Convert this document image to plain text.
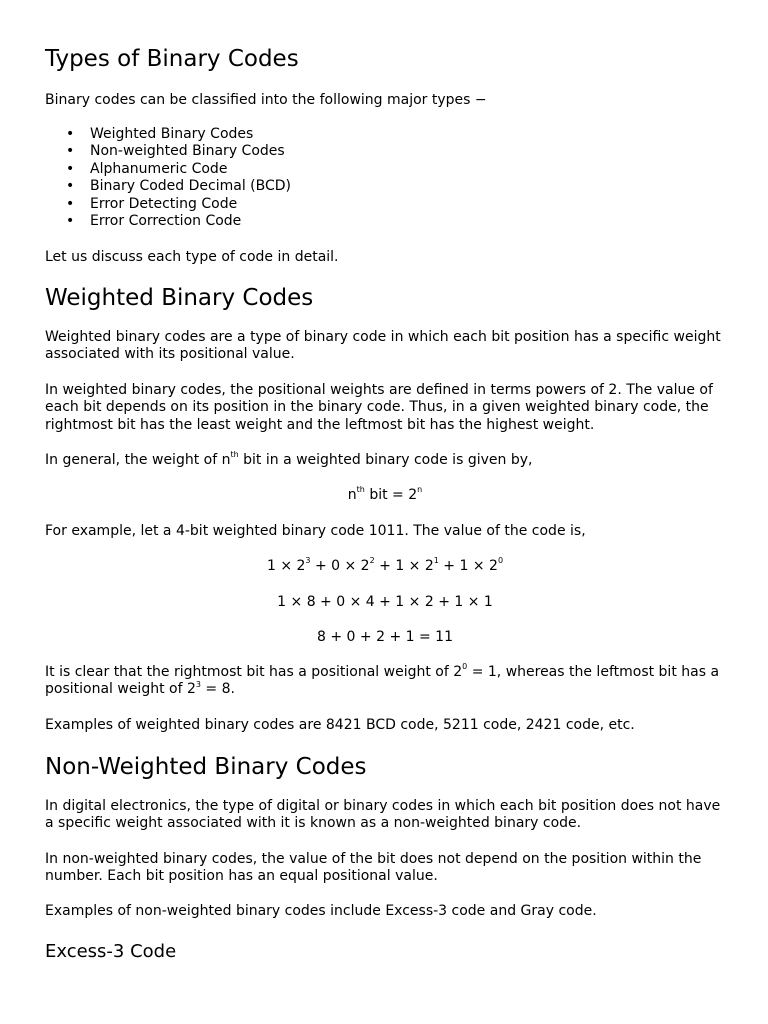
Types of Binary Codes

Binary codes can be classified into the following major types −

• Weighted Binary Codes
• Non-weighted Binary Codes
• Alphanumeric Code
• Binary Coded Decimal (BCD)
• Error Detecting Code
• Error Correction Code

Let us discuss each type of code in detail.

Weighted Binary Codes

Weighted binary codes are a type of binary code in which each bit position has a specific weight associated with its positional value.

In weighted binary codes, the positional weights are defined in terms powers of 2. The value of each bit depends on its position in the binary code. Thus, in a given weighted binary code, the rightmost bit has the least weight and the leftmost bit has the highest weight.

In general, the weight of $n^{th}$ bit in a weighted binary code is given by,

$n^{th}$ bit = $2^n$

For example, let a 4-bit weighted binary code 1011. The value of the code is,

$1 \times 2^3 + 0 \times 2^2 + 1 \times 2^1 + 1 \times 2^0$

1 × 8 + 0 × 4 + 1 × 2 + 1 × 1

8 + 0 + 2 + 1 = 11

It is clear that the rightmost bit has a positional weight of $2^0 = 1$, whereas the leftmost bit has a positional weight of $2^3 = 8$.

Examples of weighted binary codes are 8421 BCD code, 5211 code, 2421 code, etc.

Non-Weighted Binary Codes

In digital electronics, the type of digital or binary codes in which each bit position does not have a specific weight associated with it is known as a non-weighted binary code.

In non-weighted binary codes, the value of the bit does not depend on the position within the number. Each bit position has an equal positional value.

Examples of non-weighted binary codes include Excess-3 code and Gray code.

Excess-3 Code
